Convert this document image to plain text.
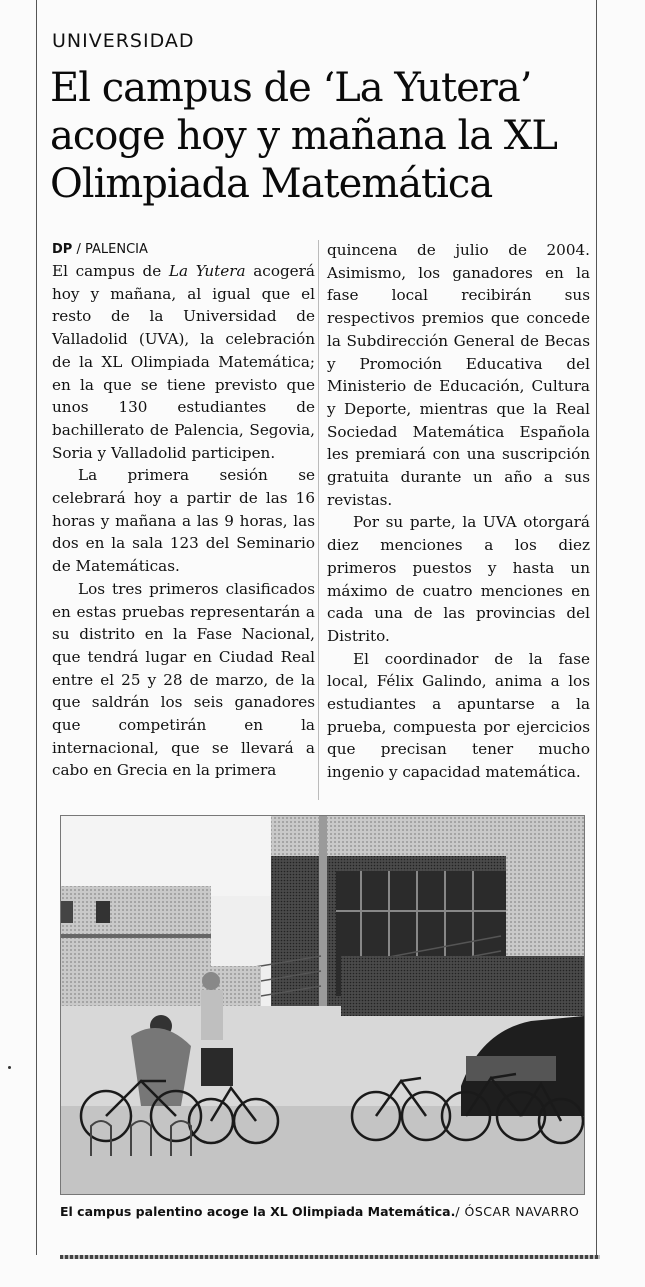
UNIVERSIDAD
El campus de ‘La Yutera’ acoge hoy y mañana la XL Olimpiada Matemática
DP / PALENCIA

El campus de La Yutera acogerá hoy y mañana, al igual que el resto de la Universidad de Valladolid (UVA), la celebración de la XL Olimpiada Matemática; en la que se tiene previsto que unos 130 estudiantes de bachillerato de Palencia, Segovia, Soria y Valladolid participen.

La primera sesión se celebrará hoy a partir de las 16 horas y mañana a las 9 horas, las dos en la sala 123 del Seminario de Matemáticas.

Los tres primeros clasificados en estas pruebas representarán a su distrito en la Fase Nacional, que tendrá lugar en Ciudad Real entre el 25 y 28 de marzo, de la que saldrán los seis ganadores que competirán en la internacional, que se llevará a cabo en Grecia en la primera

quincena de julio de 2004. Asimismo, los ganadores en la fase local recibirán sus respectivos premios que concede la Subdirección General de Becas y Promoción Educativa del Ministerio de Educación, Cultura y Deporte, mientras que la Real Sociedad Matemática Española les premiará con una suscripción gratuita durante un año a sus revistas.

Por su parte, la UVA otorgará diez menciones a los diez primeros puestos y hasta un máximo de cuatro menciones en cada una de las provincias del Distrito.

El coordinador de la fase local, Félix Galindo, anima a los estudiantes a apuntarse a la prueba, compuesta por ejercicios que precisan tener mucho ingenio y capacidad matemática.

El campus palentino acoge la XL Olimpiada Matemática./ ÓSCAR NAVARRO
